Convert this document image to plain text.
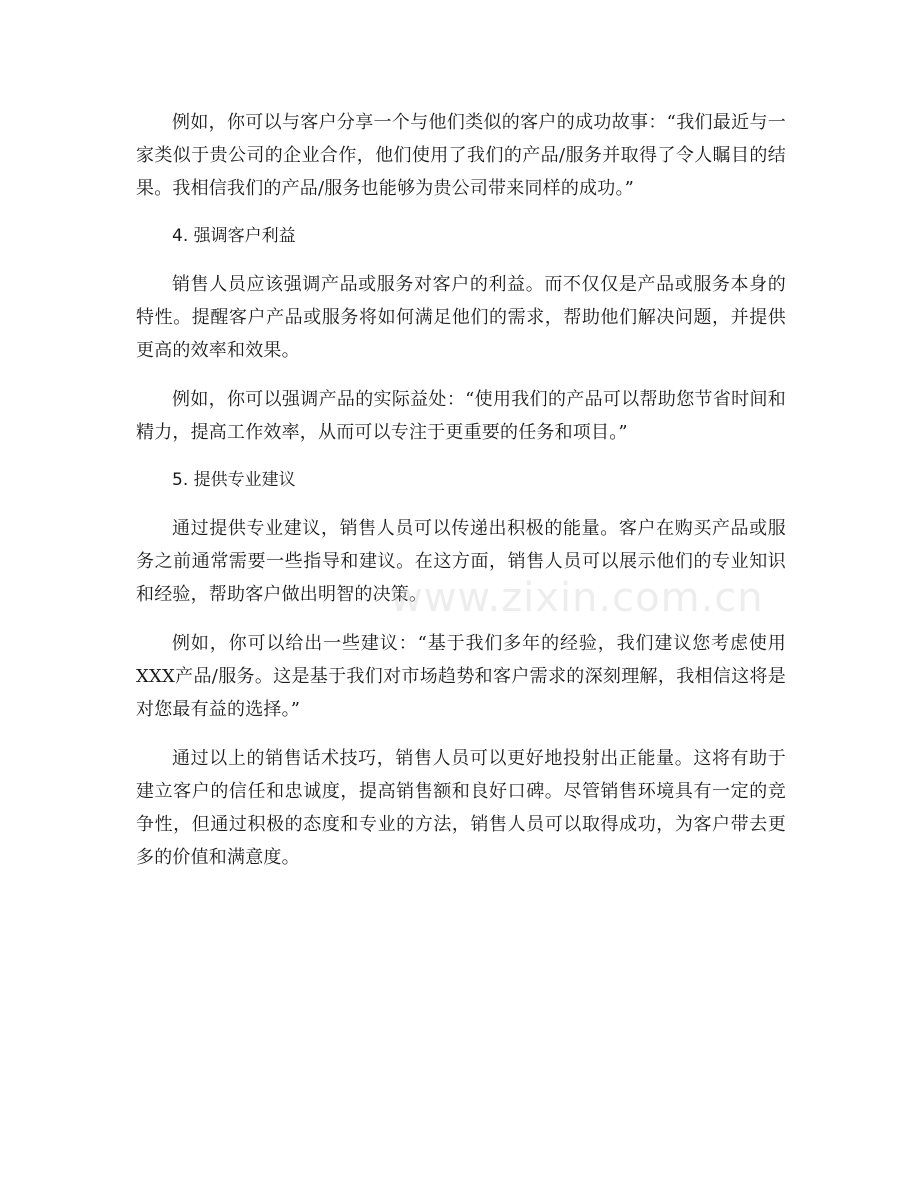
例如，你可以与客户分享一个与他们类似的客户的成功故事：“我们最近与一家类似于贵公司的企业合作，他们使用了我们的产品/服务并取得了令人瞩目的结果。我相信我们的产品/服务也能够为贵公司带来同样的成功。”

4. 强调客户利益

销售人员应该强调产品或服务对客户的利益。而不仅仅是产品或服务本身的特性。提醒客户产品或服务将如何满足他们的需求，帮助他们解决问题，并提供更高的效率和效果。

例如，你可以强调产品的实际益处：“使用我们的产品可以帮助您节省时间和精力，提高工作效率，从而可以专注于更重要的任务和项目。”

5. 提供专业建议

通过提供专业建议，销售人员可以传递出积极的能量。客户在购买产品或服务之前通常需要一些指导和建议。在这方面，销售人员可以展示他们的专业知识和经验，帮助客户做出明智的决策。

例如，你可以给出一些建议：“基于我们多年的经验，我们建议您考虑使用XXX产品/服务。这是基于我们对市场趋势和客户需求的深刻理解，我相信这将是对您最有益的选择。”

通过以上的销售话术技巧，销售人员可以更好地投射出正能量。这将有助于建立客户的信任和忠诚度，提高销售额和良好口碑。尽管销售环境具有一定的竞争性，但通过积极的态度和专业的方法，销售人员可以取得成功，为客户带去更多的价值和满意度。

www.zixin.com.cn
